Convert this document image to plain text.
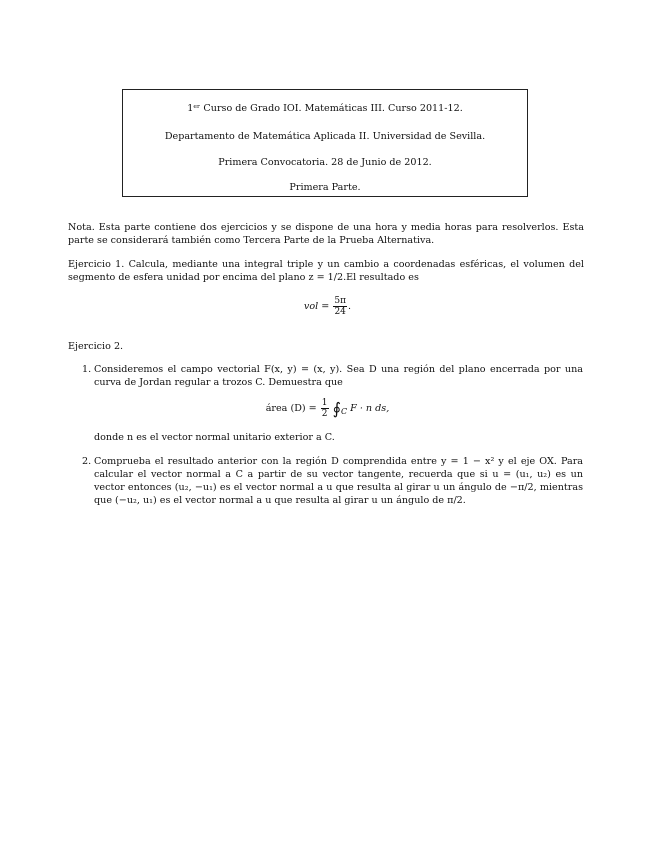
1ᵉʳ Curso de Grado IOI. Matemáticas III. Curso 2011-12.

Departamento de Matemática Aplicada II. Universidad de Sevilla.

Primera Convocatoria. 28 de Junio de 2012.

Primera Parte.

Nota. Esta parte contiene dos ejercicios y se dispone de una hora y media horas para resolverlos. Esta parte se considerará también como Tercera Parte de la Prueba Alternativa.

Ejercicio 1. Calcula, mediante una integral triple y un cambio a coordenadas esféricas, el volumen del segmento de esfera unidad por encima del plano z = 1/2.El resultado es

vol = $\frac{5\pi}{24}$ .

Ejercicio 2.

1. Consideremos el campo vectorial F(x, y) = (x, y). Sea D una región del plano encerrada por una curva de Jordan regular a trozos C. Demuestra que

área $(D) = \frac{1}{2}$ $∮_C$ F · n ds,

donde n es el vector normal unitario exterior a C.

2. Comprueba el resultado anterior con la región D comprendida entre y = 1 − x² y el eje OX. Para calcular el vector normal a C a partir de su vector tangente, recuerda que si u = (u₁, u₂) es un vector entonces (u₂, −u₁) es el vector normal a u que resulta al girar u un ángulo de −π/2, mientras que (−u₂, u₁) es el vector normal a u que resulta al girar u un ángulo de π/2.
